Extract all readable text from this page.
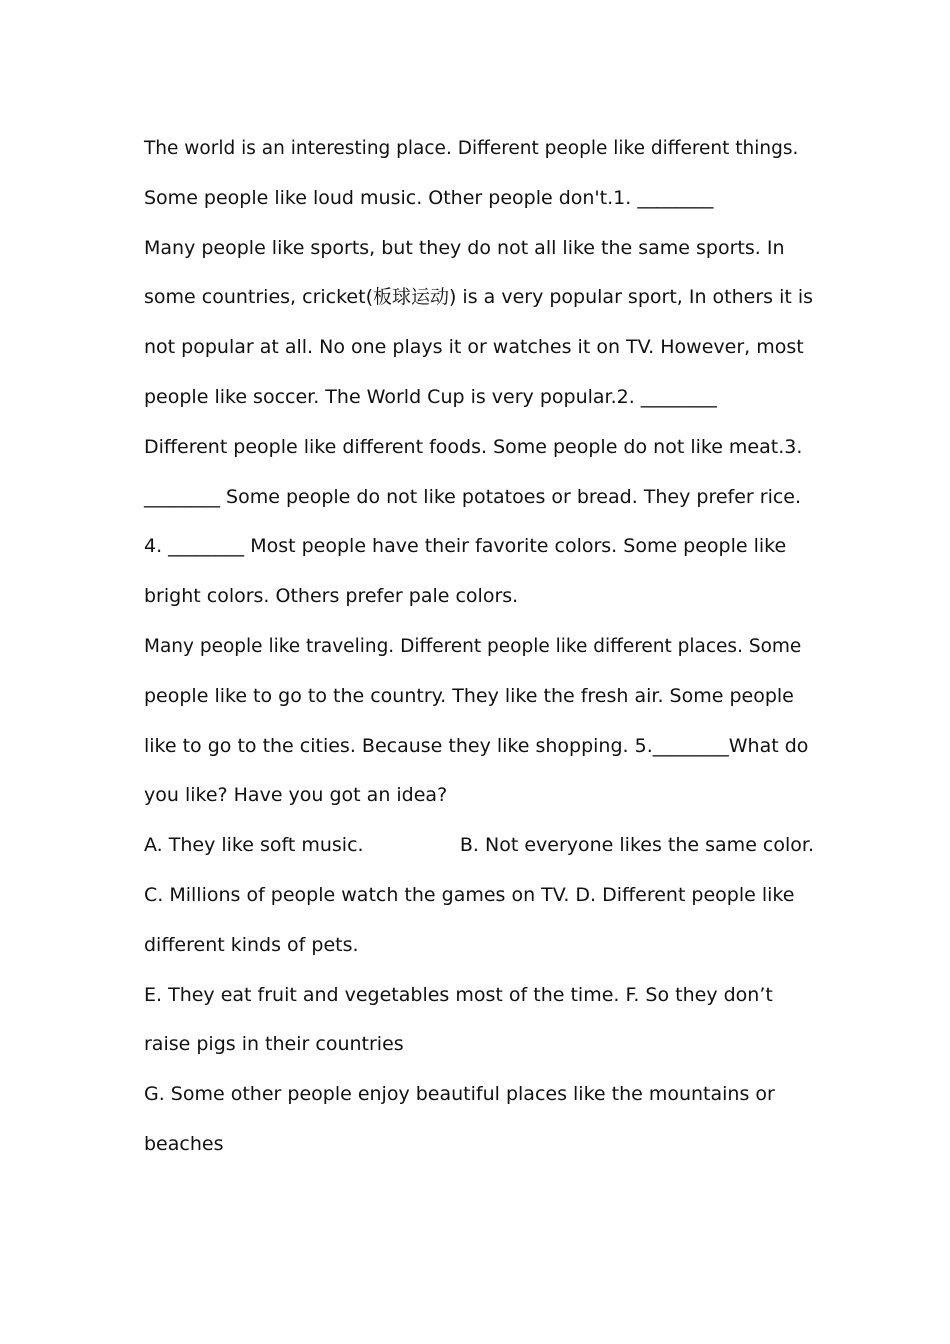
The world is an interesting place. Different people like different things.
Some people like loud music. Other people don't.1. ________
Many people like sports, but they do not all like the same sports. In
some countries, cricket(板球运动) is a very popular sport, In others it is
not popular at all. No one plays it or watches it on TV. However, most
people like soccer. The World Cup is very popular.2. ________
Different people like different foods. Some people do not like meat.3.
________ Some people do not like potatoes or bread. They prefer rice.
4. ________ Most people have their favorite colors. Some people like
bright colors. Others prefer pale colors.
Many people like traveling. Different people like different places. Some
people like to go to the country. They like the fresh air. Some people
like to go to the cities. Because they like shopping. 5.________What do
you like? Have you got an idea?
A. They like soft music.	B. Not everyone likes the same color.
C. Millions of people watch the games on TV. D. Different people like
different kinds of pets.
E. They eat fruit and vegetables most of the time. F. So they don’t
raise pigs in their countries
G. Some other people enjoy beautiful places like the mountains or
beaches
